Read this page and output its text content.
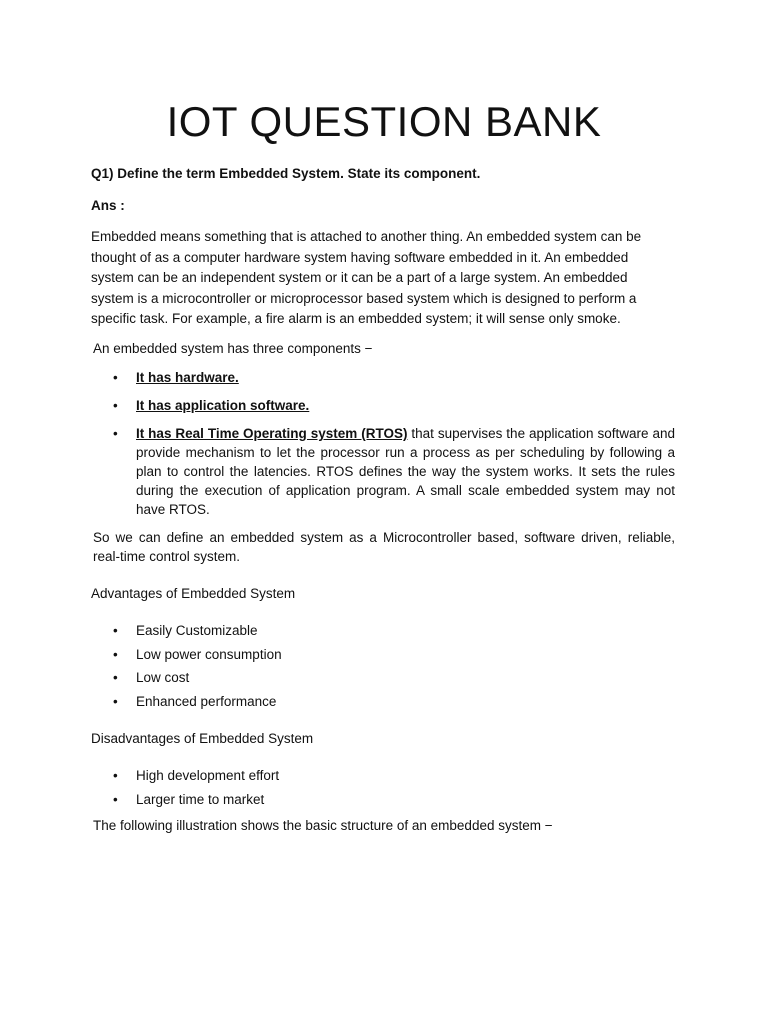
IOT QUESTION BANK

Q1) Define the term Embedded System. State its component.

Ans :

Embedded means something that is attached to another thing. An embedded system can be thought of as a computer hardware system having software embedded in it. An embedded system can be an independent system or it can be a part of a large system. An embedded system is a microcontroller or microprocessor based system which is designed to perform a specific task. For example, a fire alarm is an embedded system; it will sense only smoke.

An embedded system has three components −

• It has hardware.
• It has application software.
• It has Real Time Operating system (RTOS) that supervises the application software and provide mechanism to let the processor run a process as per scheduling by following a plan to control the latencies. RTOS defines the way the system works. It sets the rules during the execution of application program. A small scale embedded system may not have RTOS.

So we can define an embedded system as a Microcontroller based, software driven, reliable, real-time control system.

Advantages of Embedded System

• Easily Customizable
• Low power consumption
• Low cost
• Enhanced performance

Disadvantages of Embedded System

• High development effort
• Larger time to market

The following illustration shows the basic structure of an embedded system −
